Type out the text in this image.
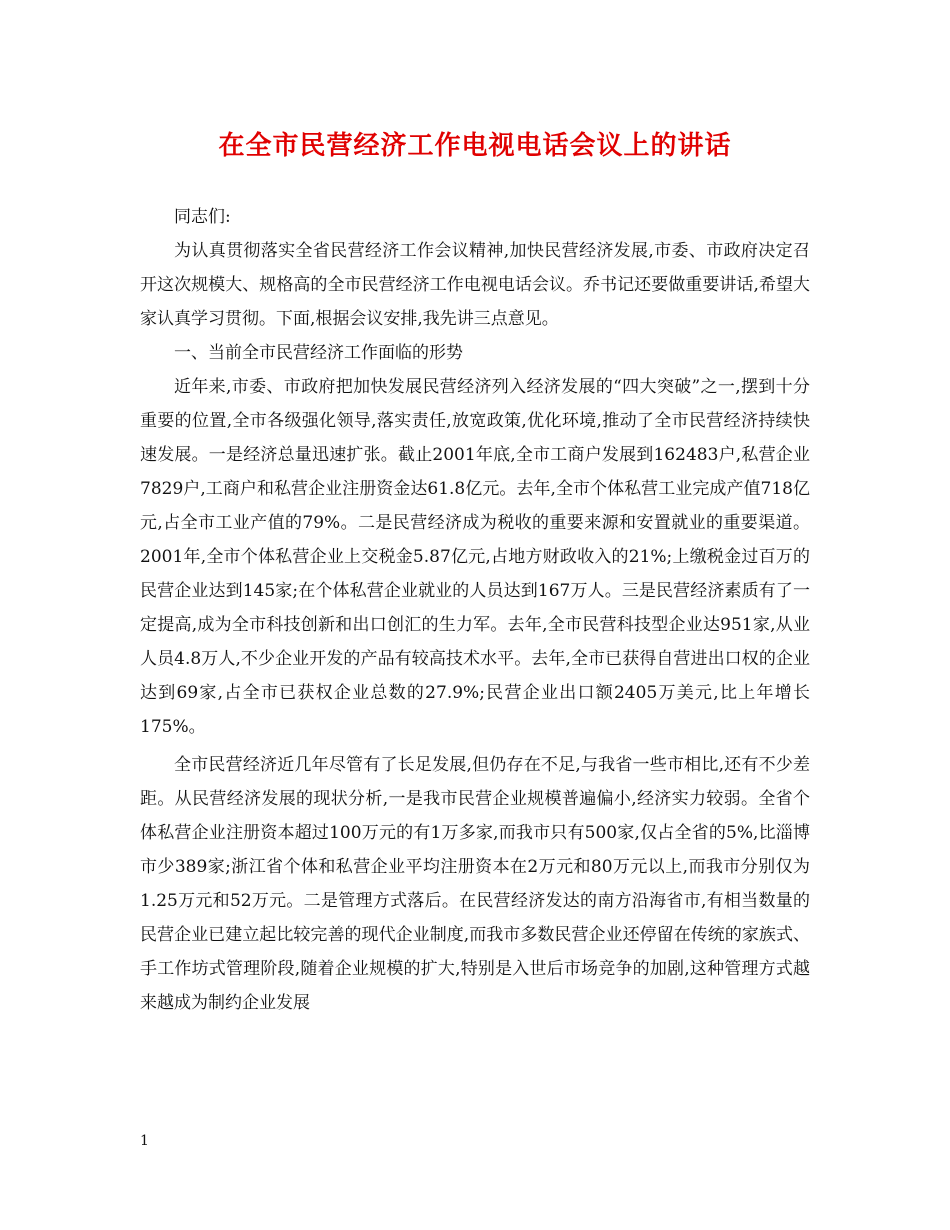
在全市民营经济工作电视电话会议上的讲话

同志们:

为认真贯彻落实全省民营经济工作会议精神,加快民营经济发展,市委、市政府决定召开这次规模大、规格高的全市民营经济工作电视电话会议。乔书记还要做重要讲话,希望大家认真学习贯彻。下面,根据会议安排,我先讲三点意见。

一、当前全市民营经济工作面临的形势

近年来,市委、市政府把加快发展民营经济列入经济发展的“四大突破”之一,摆到十分重要的位置,全市各级强化领导,落实责任,放宽政策,优化环境,推动了全市民营经济持续快速发展。一是经济总量迅速扩张。截止2001年底,全市工商户发展到162483户,私营企业7829户,工商户和私营企业注册资金达61.8亿元。去年,全市个体私营工业完成产值718亿元,占全市工业产值的79%。二是民营经济成为税收的重要来源和安置就业的重要渠道。2001年,全市个体私营企业上交税金5.87亿元,占地方财政收入的21%;上缴税金过百万的民营企业达到145家;在个体私营企业就业的人员达到167万人。三是民营经济素质有了一定提高,成为全市科技创新和出口创汇的生力军。去年,全市民营科技型企业达951家,从业人员4.8万人,不少企业开发的产品有较高技术水平。去年,全市已获得自营进出口权的企业达到69家,占全市已获权企业总数的27.9%;民营企业出口额2405万美元,比上年增长175%。

全市民营经济近几年尽管有了长足发展,但仍存在不足,与我省一些市相比,还有不少差距。从民营经济发展的现状分析,一是我市民营企业规模普遍偏小,经济实力较弱。全省个体私营企业注册资本超过100万元的有1万多家,而我市只有500家,仅占全省的5%,比淄博市少389家;浙江省个体和私营企业平均注册资本在2万元和80万元以上,而我市分别仅为1.25万元和52万元。二是管理方式落后。在民营经济发达的南方沿海省市,有相当数量的民营企业已建立起比较完善的现代企业制度,而我市多数民营企业还停留在传统的家族式、手工作坊式管理阶段,随着企业规模的扩大,特别是入世后市场竞争的加剧,这种管理方式越来越成为制约企业发展

1
